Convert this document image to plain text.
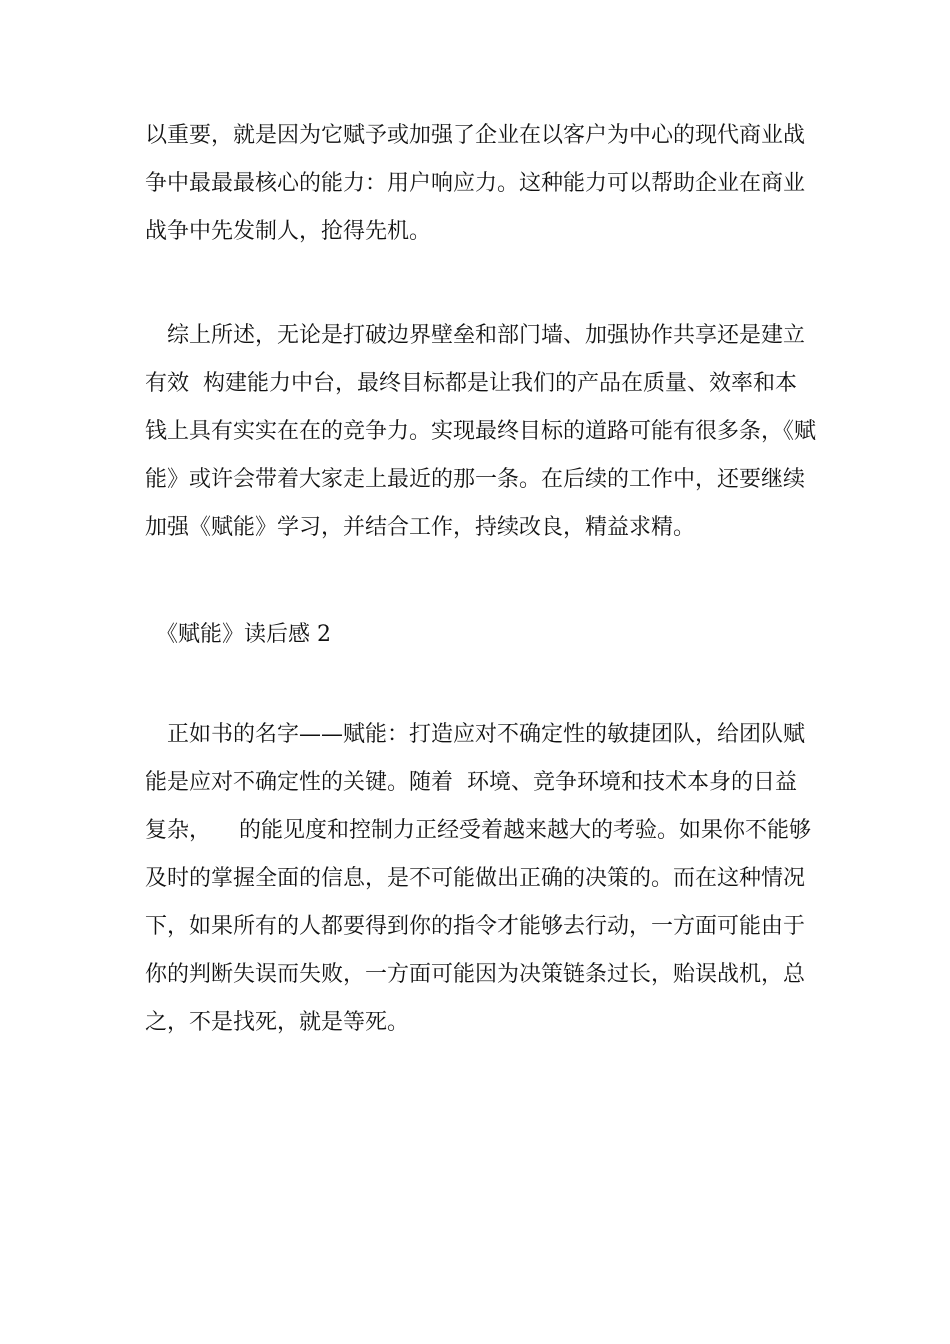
以重要，就是因为它赋予或加强了企业在以客户为中心的现代商业战
争中最最最核心的能力：用户响应力。这种能力可以帮助企业在商业
战争中先发制人，抢得先机。
　综上所述，无论是打破边界壁垒和部门墙、加强协作共享还是建立
有效  构建能力中台，最终目标都是让我们的产品在质量、效率和本
钱上具有实实在在的竞争力。实现最终目标的道路可能有很多条，《赋
能》或许会带着大家走上最近的那一条。在后续的工作中，还要继续
加强《赋能》学习，并结合工作，持续改良，精益求精。
　《赋能》读后感 2
　正如书的名字——赋能：打造应对不确定性的敏捷团队，给团队赋
能是应对不确定性的关键。随着  环境、竞争环境和技术本身的日益
复杂，    的能见度和控制力正经受着越来越大的考验。如果你不能够
及时的掌握全面的信息，是不可能做出正确的决策的。而在这种情况
下，如果所有的人都要得到你的指令才能够去行动，一方面可能由于
你的判断失误而失败，一方面可能因为决策链条过长，贻误战机，总
之，不是找死，就是等死。
